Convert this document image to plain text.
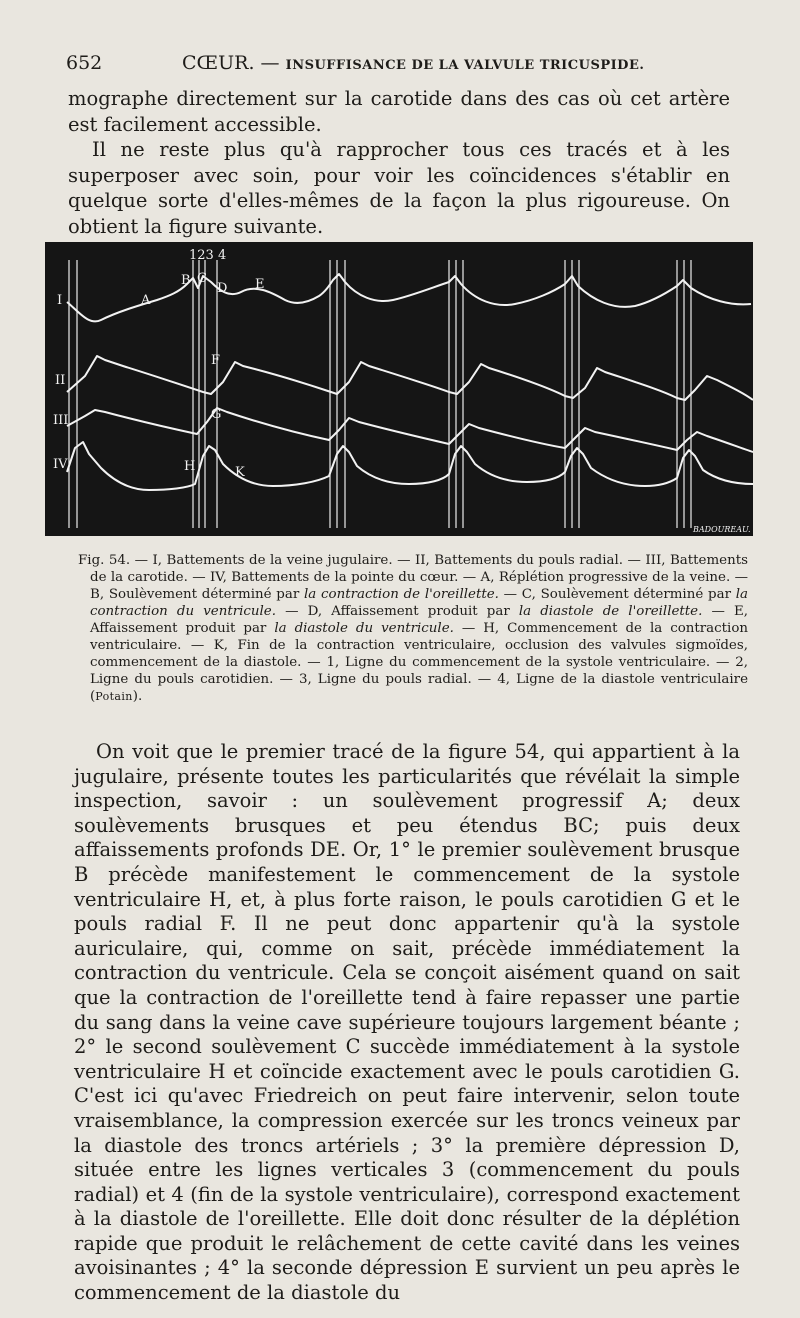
652	CŒUR. — INSUFFISANCE DE LA VALVULE TRICUSPIDE.

mographe directement sur la carotide dans des cas où cet artère est facilement accessible.

Il ne reste plus qu'à rapprocher tous ces tracés et à les superposer avec soin, pour voir les coïncidences s'établir en quelque sorte d'elles-mêmes de la façon la plus rigoureuse. On obtient la figure suivante.

123 4
I
II
III
IV
A
B C
D E
F
G
H	K
BADOUREAU.
Fig. 54. — I, Battements de la veine jugulaire. — II, Battements du pouls radial. — III, Battements de la carotide. — IV, Battements de la pointe du cœur. — A, Réplétion progressive de la veine. — B, Soulèvement déterminé par la contraction de l'oreillette. — C, Soulèvement déterminé par la contraction du ventricule. — D, Affaissement produit par la diastole de l'oreillette. — E, Affaissement produit par la diastole du ventricule. — H, Commencement de la contraction ventriculaire. — K, Fin de la contraction ventriculaire, occlusion des valvules sigmoïdes, commencement de la diastole. — 1, Ligne du commencement de la systole ventriculaire. — 2, Ligne du pouls carotidien. — 3, Ligne du pouls radial. — 4, Ligne de la diastole ventriculaire (Potain).

On voit que le premier tracé de la figure 54, qui appartient à la jugulaire, présente toutes les particularités que révélait la simple inspection, savoir : un soulèvement progressif A; deux soulèvements brusques et peu étendus BC; puis deux affaissements profonds DE. Or, 1° le premier soulèvement brusque B précède manifestement le commencement de la systole ventriculaire H, et, à plus forte raison, le pouls carotidien G et le pouls radial F. Il ne peut donc appartenir qu'à la systole auriculaire, qui, comme on sait, précède immédiatement la contraction du ventricule. Cela se conçoit aisément quand on sait que la contraction de l'oreillette tend à faire repasser une partie du sang dans la veine cave supérieure toujours largement béante ; 2° le second soulèvement C succède immédiatement à la systole ventriculaire H et coïncide exactement avec le pouls carotidien G. C'est ici qu'avec Friedreich on peut faire intervenir, selon toute vraisemblance, la compression exercée sur les troncs veineux par la diastole des troncs artériels ; 3° la première dépression D, située entre les lignes verticales 3 (commencement du pouls radial) et 4 (fin de la systole ventriculaire), correspond exactement à la diastole de l'oreillette. Elle doit donc résulter de la déplétion rapide que produit le relâchement de cette cavité dans les veines avoisinantes ; 4° la seconde dépression E survient un peu après le commencement de la diastole du
